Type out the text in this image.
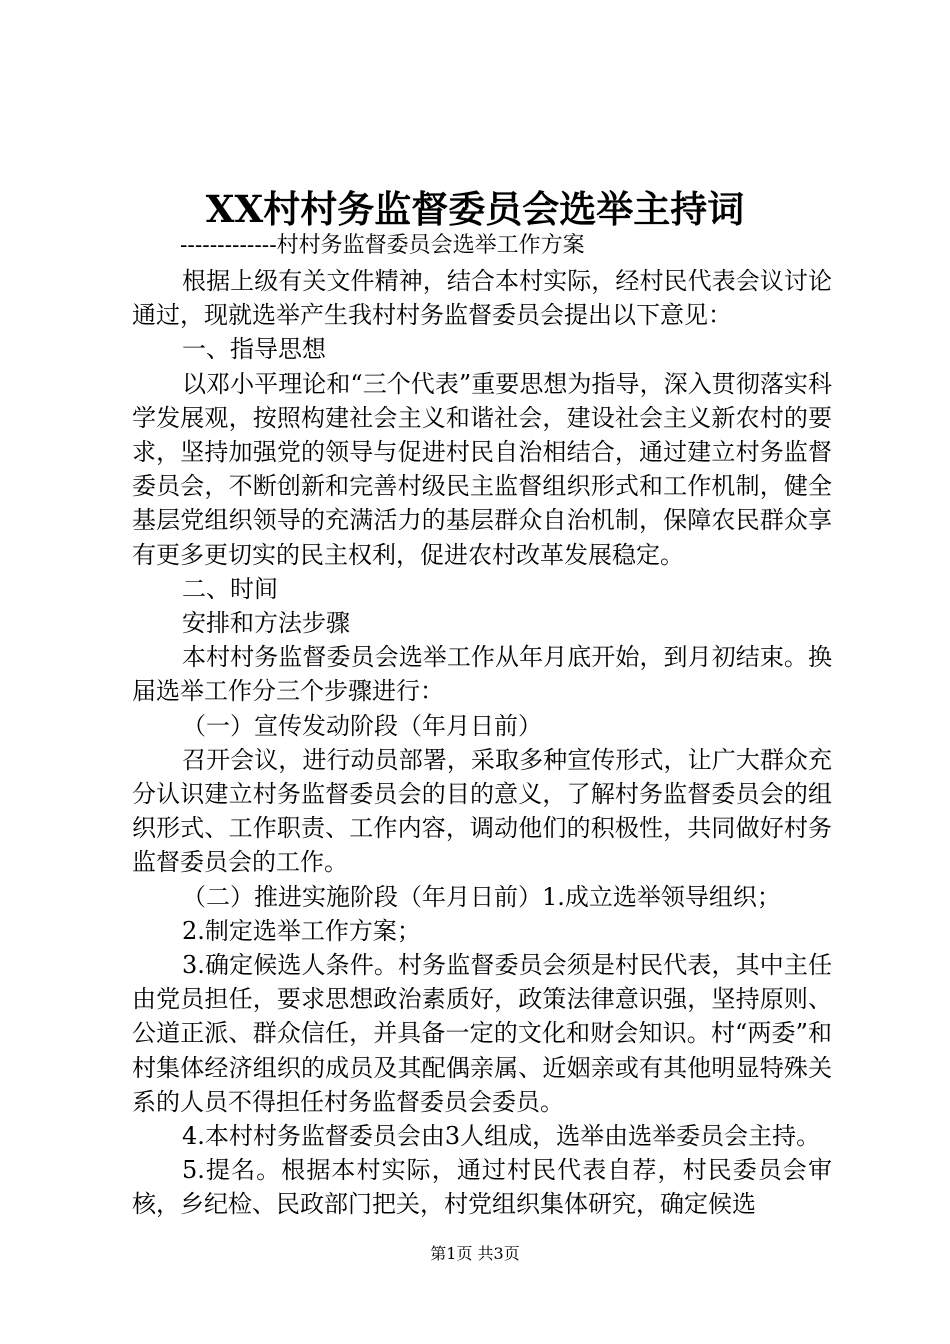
XX村村务监督委员会选举主持词
-------------村村务监督委员会选举工作方案

根据上级有关文件精神，结合本村实际，经村民代表会议讨论通过，现就选举产生我村村务监督委员会提出以下意见：

一、指导思想

以邓小平理论和“三个代表”重要思想为指导，深入贯彻落实科学发展观，按照构建社会主义和谐社会，建设社会主义新农村的要求，坚持加强党的领导与促进村民自治相结合，通过建立村务监督委员会，不断创新和完善村级民主监督组织形式和工作机制，健全基层党组织领导的充满活力的基层群众自治机制，保障农民群众享有更多更切实的民主权利，促进农村改革发展稳定。

二、时间

安排和方法步骤

本村村务监督委员会选举工作从年月底开始，到月初结束。换届选举工作分三个步骤进行：

（一）宣传发动阶段（年月日前）

召开会议，进行动员部署，采取多种宣传形式，让广大群众充分认识建立村务监督委员会的目的意义，了解村务监督委员会的组织形式、工作职责、工作内容，调动他们的积极性，共同做好村务监督委员会的工作。

（二）推进实施阶段（年月日前）1.成立选举领导组织；

2.制定选举工作方案；

3.确定候选人条件。村务监督委员会须是村民代表，其中主任由党员担任，要求思想政治素质好，政策法律意识强，坚持原则、公道正派、群众信任，并具备一定的文化和财会知识。村“两委”和村集体经济组织的成员及其配偶亲属、近姻亲或有其他明显特殊关系的人员不得担任村务监督委员会委员。

4.本村村务监督委员会由3人组成，选举由选举委员会主持。

5.提名。根据本村实际，通过村民代表自荐，村民委员会审核，乡纪检、民政部门把关，村党组织集体研究，确定候选

第1页 共3页
